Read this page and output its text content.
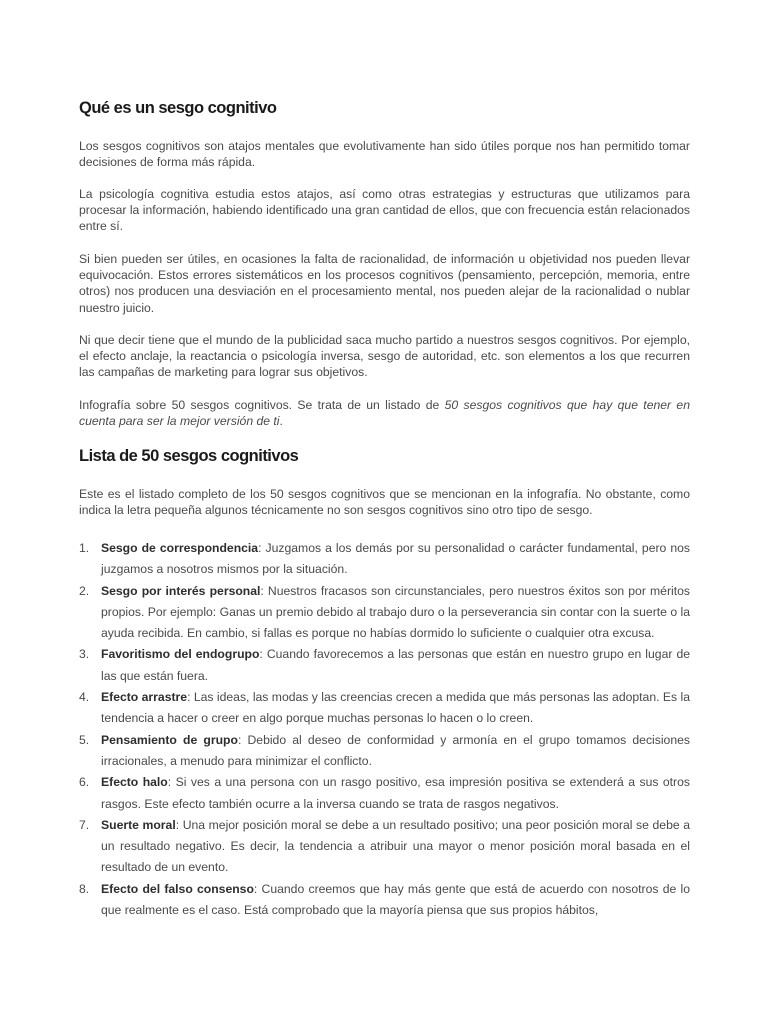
Qué es un sesgo cognitivo

Los sesgos cognitivos son atajos mentales que evolutivamente han sido útiles porque nos han permitido tomar decisiones de forma más rápida.

La psicología cognitiva estudia estos atajos, así como otras estrategias y estructuras que utilizamos para procesar la información, habiendo identificado una gran cantidad de ellos, que con frecuencia están relacionados entre sí.

Si bien pueden ser útiles, en ocasiones la falta de racionalidad, de información u objetividad nos pueden llevar equivocación. Estos errores sistemáticos en los procesos cognitivos (pensamiento, percepción, memoria, entre otros) nos producen una desviación en el procesamiento mental, nos pueden alejar de la racionalidad o nublar nuestro juicio.

Ni que decir tiene que el mundo de la publicidad saca mucho partido a nuestros sesgos cognitivos. Por ejemplo, el efecto anclaje, la reactancia o psicología inversa, sesgo de autoridad, etc. son elementos a los que recurren las campañas de marketing para lograr sus objetivos.

Infografía sobre 50 sesgos cognitivos. Se trata de un listado de 50 sesgos cognitivos que hay que tener en cuenta para ser la mejor versión de ti.

Lista de 50 sesgos cognitivos

Este es el listado completo de los 50 sesgos cognitivos que se mencionan en la infografía. No obstante, como indica la letra pequeña algunos técnicamente no son sesgos cognitivos sino otro tipo de sesgo.

1. Sesgo de correspondencia: Juzgamos a los demás por su personalidad o carácter fundamental, pero nos juzgamos a nosotros mismos por la situación.
2. Sesgo por interés personal: Nuestros fracasos son circunstanciales, pero nuestros éxitos son por méritos propios. Por ejemplo: Ganas un premio debido al trabajo duro o la perseverancia sin contar con la suerte o la ayuda recibida. En cambio, si fallas es porque no habías dormido lo suficiente o cualquier otra excusa.
3. Favoritismo del endogrupo: Cuando favorecemos a las personas que están en nuestro grupo en lugar de las que están fuera.
4. Efecto arrastre: Las ideas, las modas y las creencias crecen a medida que más personas las adoptan. Es la tendencia a hacer o creer en algo porque muchas personas lo hacen o lo creen.
5. Pensamiento de grupo: Debido al deseo de conformidad y armonía en el grupo tomamos decisiones irracionales, a menudo para minimizar el conflicto.
6. Efecto halo: Si ves a una persona con un rasgo positivo, esa impresión positiva se extenderá a sus otros rasgos. Este efecto también ocurre a la inversa cuando se trata de rasgos negativos.
7. Suerte moral: Una mejor posición moral se debe a un resultado positivo; una peor posición moral se debe a un resultado negativo. Es decir, la tendencia a atribuir una mayor o menor posición moral basada en el resultado de un evento.
8. Efecto del falso consenso: Cuando creemos que hay más gente que está de acuerdo con nosotros de lo que realmente es el caso. Está comprobado que la mayoría piensa que sus propios hábitos,
